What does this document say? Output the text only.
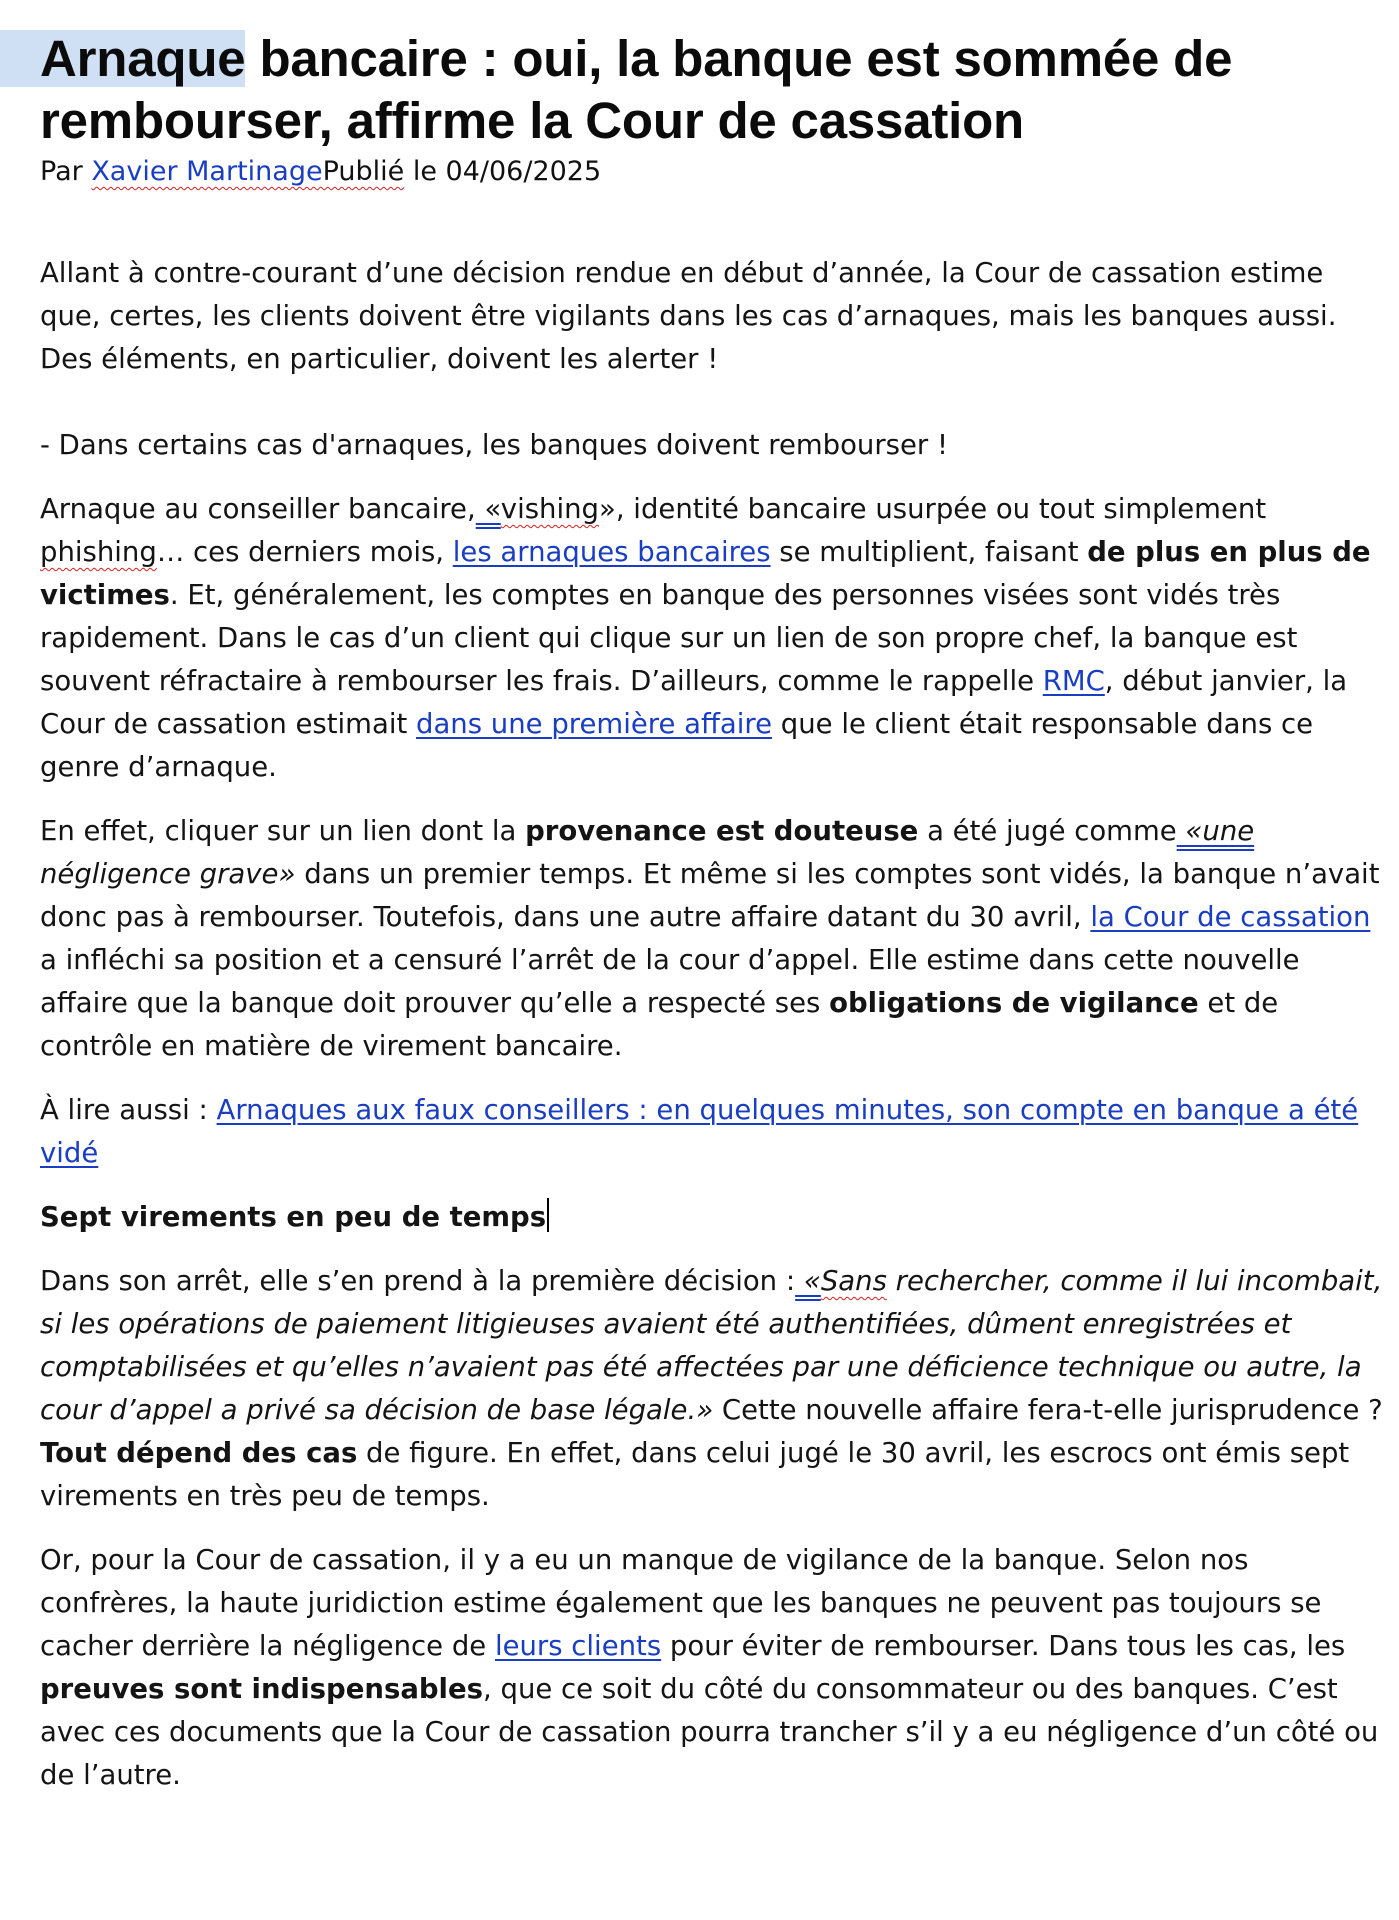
Arnaque bancaire : oui, la banque est sommée de rembourser, affirme la Cour de cassation
Par Xavier MartinagePublié le 04/06/2025

Allant à contre-courant d’une décision rendue en début d’année, la Cour de cassation estime que, certes, les clients doivent être vigilants dans les cas d’arnaques, mais les banques aussi. Des éléments, en particulier, doivent les alerter !

- Dans certains cas d'arnaques, les banques doivent rembourser !

Arnaque au conseiller bancaire, «vishing», identité bancaire usurpée ou tout simplement phishing… ces derniers mois, les arnaques bancaires se multiplient, faisant de plus en plus de victimes. Et, généralement, les comptes en banque des personnes visées sont vidés très rapidement. Dans le cas d’un client qui clique sur un lien de son propre chef, la banque est souvent réfractaire à rembourser les frais. D’ailleurs, comme le rappelle RMC, début janvier, la Cour de cassation estimait dans une première affaire que le client était responsable dans ce genre d’arnaque.

En effet, cliquer sur un lien dont la provenance est douteuse a été jugé comme «une négligence grave» dans un premier temps. Et même si les comptes sont vidés, la banque n’avait donc pas à rembourser. Toutefois, dans une autre affaire datant du 30 avril, la Cour de cassation a infléchi sa position et a censuré l’arrêt de la cour d’appel. Elle estime dans cette nouvelle affaire que la banque doit prouver qu’elle a respecté ses obligations de vigilance et de contrôle en matière de virement bancaire.

À lire aussi : Arnaques aux faux conseillers : en quelques minutes, son compte en banque a été vidé

Sept virements en peu de temps

Dans son arrêt, elle s’en prend à la première décision : «Sans rechercher, comme il lui incombait, si les opérations de paiement litigieuses avaient été authentifiées, dûment enregistrées et comptabilisées et qu’elles n’avaient pas été affectées par une déficience technique ou autre, la cour d’appel a privé sa décision de base légale.» Cette nouvelle affaire fera-t-elle jurisprudence ? Tout dépend des cas de figure. En effet, dans celui jugé le 30 avril, les escrocs ont émis sept virements en très peu de temps.

Or, pour la Cour de cassation, il y a eu un manque de vigilance de la banque. Selon nos confrères, la haute juridiction estime également que les banques ne peuvent pas toujours se cacher derrière la négligence de leurs clients pour éviter de rembourser. Dans tous les cas, les preuves sont indispensables, que ce soit du côté du consommateur ou des banques. C’est avec ces documents que la Cour de cassation pourra trancher s’il y a eu négligence d’un côté ou de l’autre.
